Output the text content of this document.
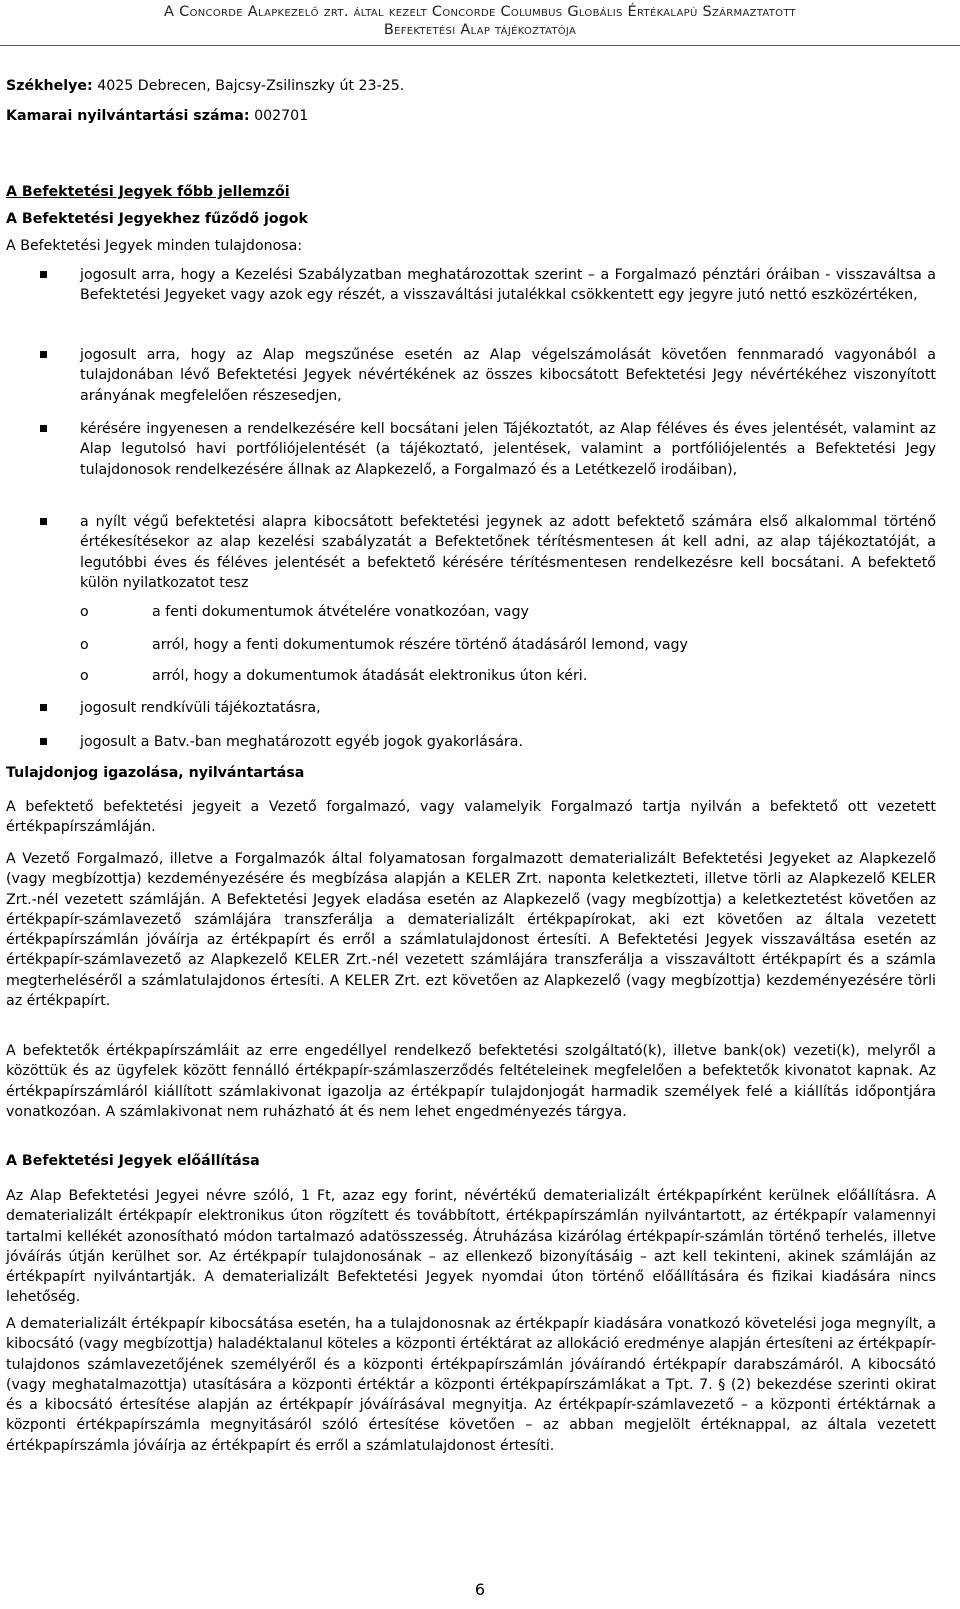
A Concorde Alapkezelő zrt. által kezelt Concorde Columbus Globális Értékalapú Származtatott
Befektetési Alap tájékoztatója
Székhelye: 4025 Debrecen, Bajcsy-Zsilinszky út 23-25.
Kamarai nyilvántartási száma: 002701
A Befektetési Jegyek főbb jellemzői
A Befektetési Jegyekhez fűződő jogok
A Befektetési Jegyek minden tulajdonosa:
jogosult arra, hogy a Kezelési Szabályzatban meghatározottak szerint – a Forgalmazó pénztári óráiban - visszaváltsa a Befektetési Jegyeket vagy azok egy részét, a visszaváltási jutalékkal csökkentett egy jegyre jutó nettó eszközértéken,
jogosult arra, hogy az Alap megszűnése esetén az Alap végelszámolását követően fennmaradó vagyonából a tulajdonában lévő Befektetési Jegyek névértékének az összes kibocsátott Befektetési Jegy névértékéhez viszonyított arányának megfelelően részesedjen,
kérésére ingyenesen a rendelkezésére kell bocsátani jelen Tájékoztatót, az Alap féléves és éves jelentését, valamint az Alap legutolsó havi portfóliójelentését (a tájékoztató, jelentések, valamint a portfóliójelentés a Befektetési Jegy tulajdonosok rendelkezésére állnak az Alapkezelő, a Forgalmazó és a Letétkezelő irodáiban),
a nyílt végű befektetési alapra kibocsátott befektetési jegynek az adott befektető számára első alkalommal történő értékesítésekor az alap kezelési szabályzatát a Befektetőnek térítésmentesen át kell adni, az alap tájékoztatóját, a legutóbbi éves és féléves jelentését a befektető kérésére térítésmentesen rendelkezésre kell bocsátani. A befektető külön nyilatkozatot tesz
o	a fenti dokumentumok átvételére vonatkozóan, vagy
o	arról, hogy a fenti dokumentumok részére történő átadásáról lemond, vagy
o	arról, hogy a dokumentumok átadását elektronikus úton kéri.
jogosult rendkívüli tájékoztatásra,
jogosult a Batv.-ban meghatározott egyéb jogok gyakorlására.
Tulajdonjog igazolása, nyilvántartása
A befektető befektetési jegyeit a Vezető forgalmazó, vagy valamelyik Forgalmazó tartja nyilván a befektető ott vezetett értékpapírszámláján.
A Vezető Forgalmazó, illetve a Forgalmazók által folyamatosan forgalmazott dematerializált Befektetési Jegyeket az Alapkezelő (vagy megbízottja) kezdeményezésére és megbízása alapján a KELER Zrt. naponta keletkezteti, illetve törli az Alapkezelő KELER Zrt.-nél vezetett számláján. A Befektetési Jegyek eladása esetén az Alapkezelő (vagy megbízottja) a keletkeztetést követően az értékpapír-számlavezető számlájára transzferálja a dematerializált értékpapírokat, aki ezt követően az általa vezetett értékpapírszámlán jóváírja az értékpapírt és erről a számlatulajdonost értesíti. A Befektetési Jegyek visszaváltása esetén az értékpapír-számlavezető az Alapkezelő KELER Zrt.-nél vezetett számlájára transzferálja a visszaváltott értékpapírt és a számla megterheléséről a számlatulajdonos értesíti. A KELER Zrt. ezt követően az Alapkezelő (vagy megbízottja) kezdeményezésére törli az értékpapírt.
A befektetők értékpapírszámláit az erre engedéllyel rendelkező befektetési szolgáltató(k), illetve bank(ok) vezeti(k), melyről a közöttük és az ügyfelek között fennálló értékpapír-számlaszerződés feltételeinek megfelelően a befektetők kivonatot kapnak. Az értékpapírszámláról kiállított számlakivonat igazolja az értékpapír tulajdonjogát harmadik személyek felé a kiállítás időpontjára vonatkozóan. A számlakivonat nem ruházható át és nem lehet engedményezés tárgya.
A Befektetési Jegyek előállítása
Az Alap Befektetési Jegyei névre szóló, 1 Ft, azaz egy forint, névértékű dematerializált értékpapírként kerülnek előállításra. A dematerializált értékpapír elektronikus úton rögzített és továbbított, értékpapírszámlán nyilvántartott, az értékpapír valamennyi tartalmi kellékét azonosítható módon tartalmazó adatösszesség. Átruházása kizárólag értékpapír-számlán történő terhelés, illetve jóváírás útján kerülhet sor. Az értékpapír tulajdonosának – az ellenkező bizonyításáig – azt kell tekinteni, akinek számláján az értékpapírt nyilvántartják. A dematerializált Befektetési Jegyek nyomdai úton történő előállítására és fizikai kiadására nincs lehetőség.
A dematerializált értékpapír kibocsátása esetén, ha a tulajdonosnak az értékpapír kiadására vonatkozó követelési joga megnyílt, a kibocsátó (vagy megbízottja) haladéktalanul köteles a központi értéktárat az allokáció eredménye alapján értesíteni az értékpapír-tulajdonos számlavezetőjének személyéről és a központi értékpapírszámlán jóváírandó értékpapír darabszámáról. A kibocsátó (vagy meghatalmazottja) utasítására a központi értéktár a központi értékpapírszámlákat a Tpt. 7. § (2) bekezdése szerinti okirat és a kibocsátó értesítése alapján az értékpapír jóváírásával megnyitja. Az értékpapír-számlavezető – a központi értéktárnak a központi értékpapírszámla megnyitásáról szóló értesítése követően – az abban megjelölt értéknappal, az általa vezetett értékpapírszámla jóváírja az értékpapírt és erről a számlatulajdonost értesíti.
6
